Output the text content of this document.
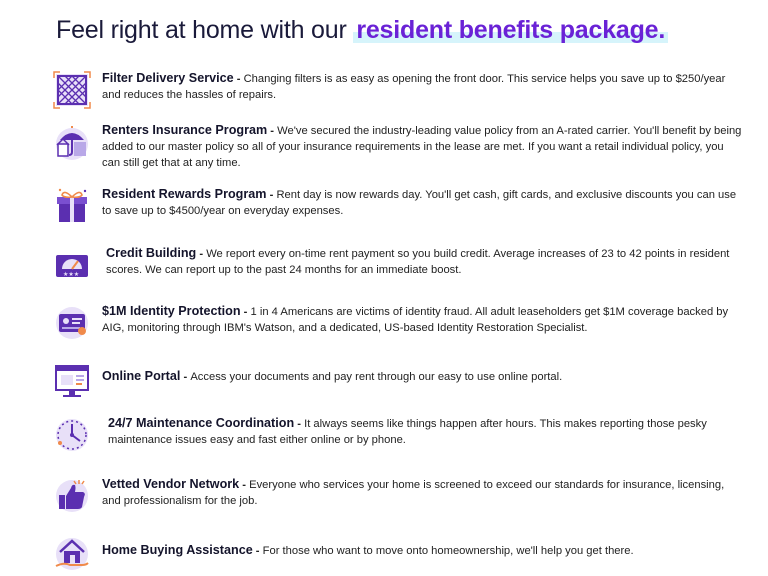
Feel right at home with our resident benefits package.
Filter Delivery Service - Changing filters is as easy as opening the front door. This service helps you save up to $250/year and reduces the hassles of repairs.
Renters Insurance Program - We've secured the industry-leading value policy from an A-rated carrier. You'll benefit by being added to our master policy so all of your insurance requirements in the lease are met. If you want a retail individual policy, you can still get that at any time.
Resident Rewards Program - Rent day is now rewards day. You'll get cash, gift cards, and exclusive discounts you can use to save up to $4500/year on everyday expenses.
★★★
Credit Building - We report every on-time rent payment so you build credit. Average increases of 23 to 42 points in resident scores. We can report up to the past 24 months for an immediate boost.
$1M Identity Protection - 1 in 4 Americans are victims of identity fraud. All adult leaseholders get $1M coverage backed by AIG, monitoring through IBM's Watson, and a dedicated, US-based Identity Restoration Specialist.
Online Portal - Access your documents and pay rent through our easy to use online portal.
24/7 Maintenance Coordination - It always seems like things happen after hours. This makes reporting those pesky maintenance issues easy and fast either online or by phone.
Vetted Vendor Network - Everyone who services your home is screened to exceed our standards for insurance, licensing, and professionalism for the job.
Home Buying Assistance - For those who want to move onto homeownership, we'll help you get there.
